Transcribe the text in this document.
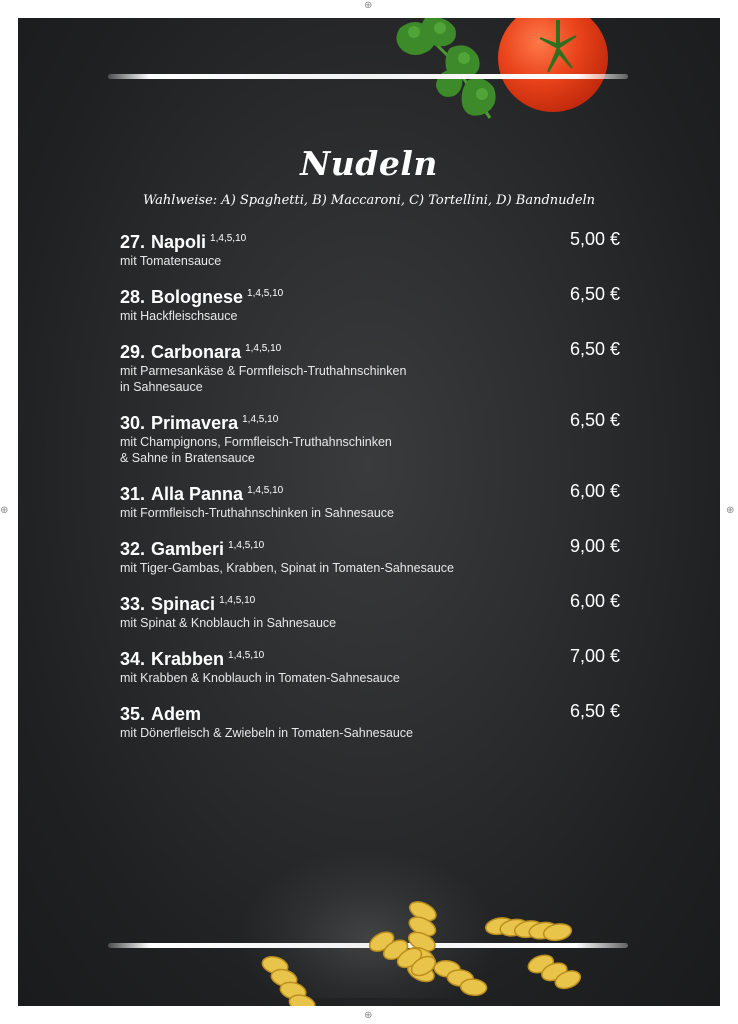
⊕
⊕	⊕
⊕
Nudeln
Wahlweise: A) Spaghetti, B) Maccaroni, C) Tortellini, D) Bandnudeln
27. Napoli $^{1,4,5,10}$	5,00 €
mit Tomatensauce
28. Bolognese $^{1,4,5,10}$	6,50 €
mit Hackfleischsauce
29. Carbonara $^{1,4,5,10}$	6,50 €
mit Parmesankäse & Formfleisch-Truthahnschinken
in Sahnesauce
30. Primavera $^{1,4,5,10}$	6,50 €
mit Champignons, Formfleisch-Truthahnschinken
& Sahne in Bratensauce
31. Alla Panna $^{1,4,5,10}$	6,00 €
mit Formfleisch-Truthahnschinken in Sahnesauce
32. Gamberi $^{1,4,5,10}$	9,00 €
mit Tiger-Gambas, Krabben, Spinat in Tomaten-Sahnesauce
33. Spinaci $^{1,4,5,10}$	6,00 €
mit Spinat & Knoblauch in Sahnesauce
34. Krabben $^{1,4,5,10}$	7,00 €
mit Krabben & Knoblauch in Tomaten-Sahnesauce
35. Adem	6,50 €
mit Dönerfleisch & Zwiebeln in Tomaten-Sahnesauce
